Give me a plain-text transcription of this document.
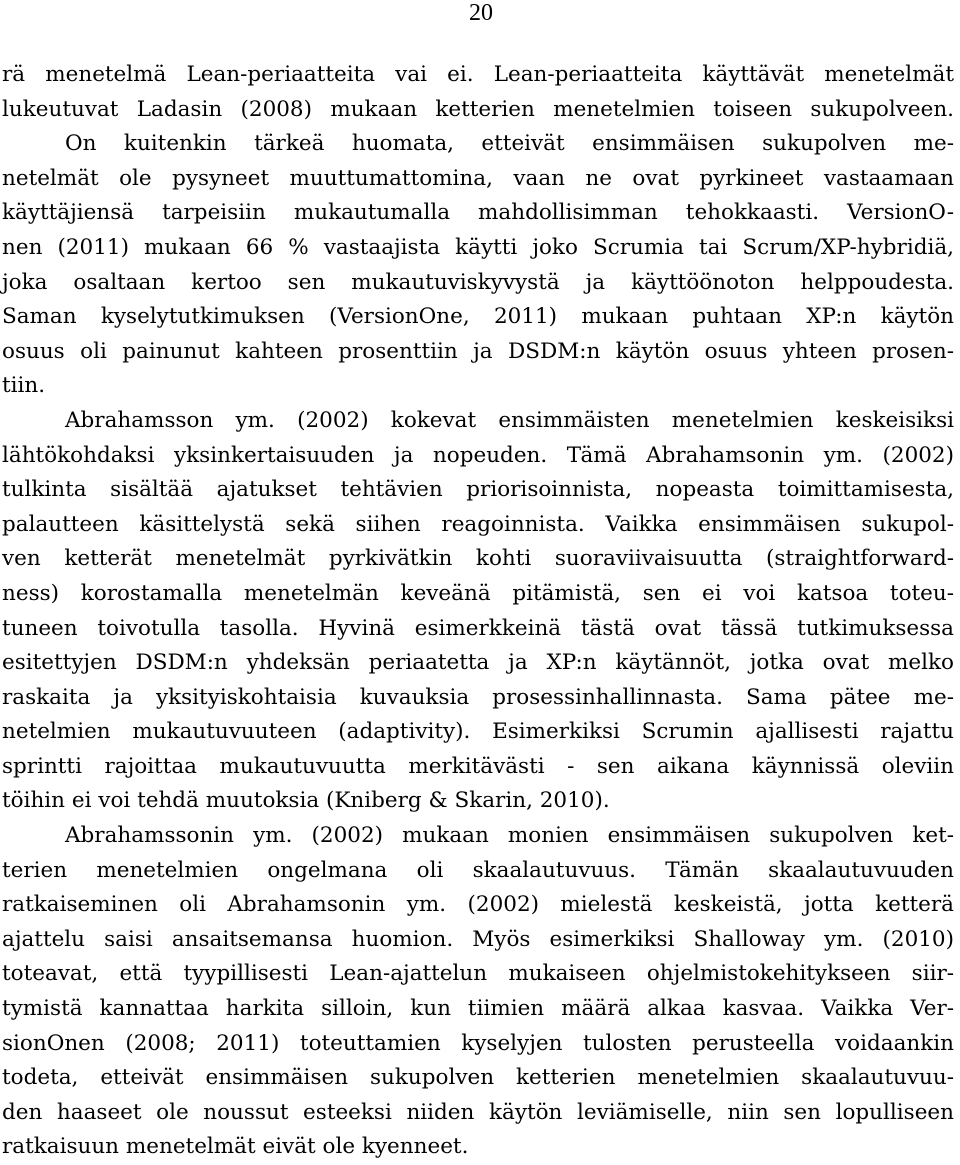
20
rä menetelmä Lean-periaatteita vai ei. Lean-periaatteita käyttävät menetelmät
lukeutuvat Ladasin (2008) mukaan ketterien menetelmien toiseen sukupolveen.
On kuitenkin tärkeä huomata, etteivät ensimmäisen sukupolven me-
netelmät ole pysyneet muuttumattomina, vaan ne ovat pyrkineet vastaamaan
käyttäjiensä tarpeisiin mukautumalla mahdollisimman tehokkaasti. VersionO-
nen (2011) mukaan 66 % vastaajista käytti joko Scrumia tai Scrum/XP-hybridiä,
joka osaltaan kertoo sen mukautuviskyvystä ja käyttöönoton helppoudesta.
Saman kyselytutkimuksen (VersionOne, 2011) mukaan puhtaan XP:n käytön
osuus oli painunut kahteen prosenttiin ja DSDM:n käytön osuus yhteen prosen-
tiin.
Abrahamsson ym. (2002) kokevat ensimmäisten menetelmien keskeisiksi
lähtökohdaksi yksinkertaisuuden ja nopeuden. Tämä Abrahamsonin ym. (2002)
tulkinta sisältää ajatukset tehtävien priorisoinnista, nopeasta toimittamisesta,
palautteen käsittelystä sekä siihen reagoinnista. Vaikka ensimmäisen sukupol-
ven ketterät menetelmät pyrkivätkin kohti suoraviivaisuutta (straightforward-
ness) korostamalla menetelmän keveänä pitämistä, sen ei voi katsoa toteu-
tuneen toivotulla tasolla. Hyvinä esimerkkeinä tästä ovat tässä tutkimuksessa
esitettyjen DSDM:n yhdeksän periaatetta ja XP:n käytännöt, jotka ovat melko
raskaita ja yksityiskohtaisia kuvauksia prosessinhallinnasta. Sama pätee me-
netelmien mukautuvuuteen (adaptivity). Esimerkiksi Scrumin ajallisesti rajattu
sprintti rajoittaa mukautuvuutta merkitävästi - sen aikana käynnissä oleviin
töihin ei voi tehdä muutoksia (Kniberg & Skarin, 2010).
Abrahamssonin ym. (2002) mukaan monien ensimmäisen sukupolven ket-
terien menetelmien ongelmana oli skaalautuvuus. Tämän skaalautuvuuden
ratkaiseminen oli Abrahamsonin ym. (2002) mielestä keskeistä, jotta ketterä
ajattelu saisi ansaitsemansa huomion. Myös esimerkiksi Shalloway ym. (2010)
toteavat, että tyypillisesti Lean-ajattelun mukaiseen ohjelmistokehitykseen siir-
tymistä kannattaa harkita silloin, kun tiimien määrä alkaa kasvaa. Vaikka Ver-
sionOnen (2008; 2011) toteuttamien kyselyjen tulosten perusteella voidaankin
todeta, etteivät ensimmäisen sukupolven ketterien menetelmien skaalautuvuu-
den haaseet ole noussut esteeksi niiden käytön leviämiselle, niin sen lopulliseen
ratkaisuun menetelmät eivät ole kyenneet.
